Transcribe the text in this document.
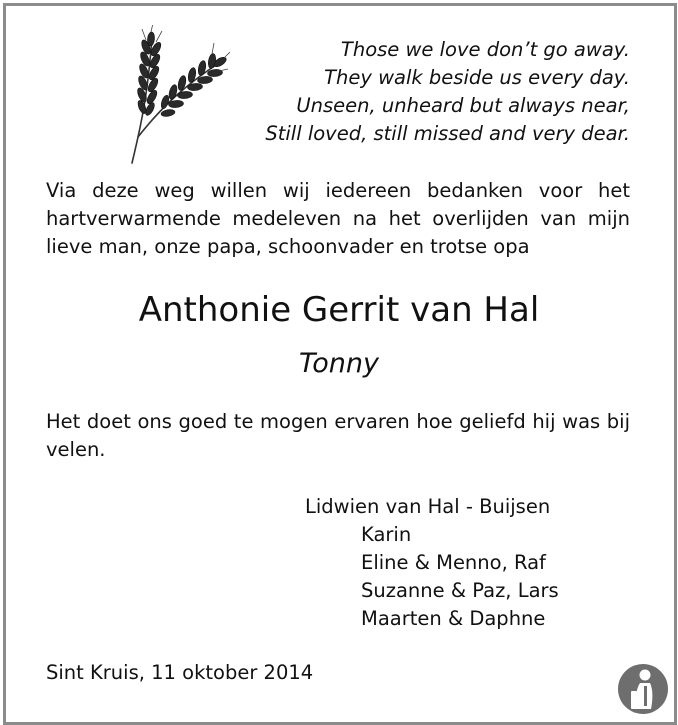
Those we love don’t go away.
They walk beside us every day.
Unseen, unheard but always near,
Still loved, still missed and very dear.
Via deze weg willen wij iedereen bedanken voor het hartverwarmende medeleven na het overlijden van mijn lieve man, onze papa, schoonvader en trotse opa
Anthonie Gerrit van Hal
Tonny
Het doet ons goed te mogen ervaren hoe geliefd hij was bij velen.
Lidwien van Hal - Buijsen
Karin
Eline & Menno, Raf
Suzanne & Paz, Lars
Maarten & Daphne
Sint Kruis, 11 oktober 2014
